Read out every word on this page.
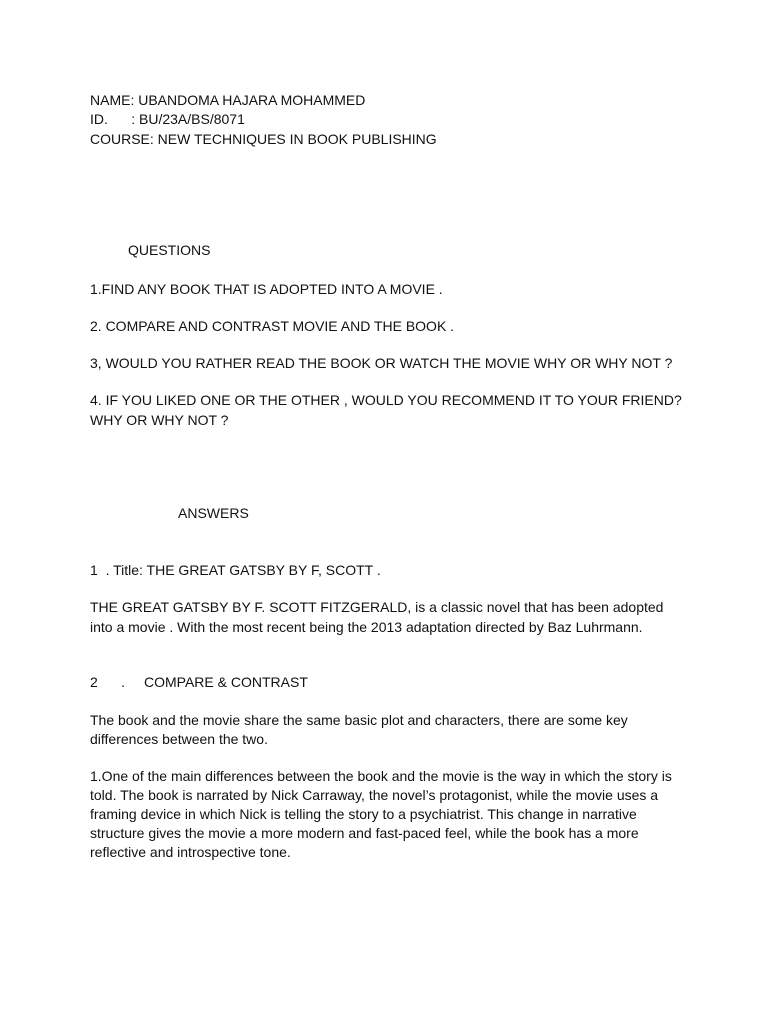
NAME: UBANDOMA HAJARA MOHAMMED

ID.      : BU/23A/BS/8071

COURSE: NEW TECHNIQUES IN BOOK PUBLISHING

QUESTIONS

1.FIND ANY BOOK THAT IS ADOPTED INTO A MOVIE .

2. COMPARE AND CONTRAST MOVIE AND THE BOOK .

3, WOULD YOU RATHER READ THE BOOK OR WATCH THE MOVIE WHY OR WHY NOT ?

4. IF YOU LIKED ONE OR THE OTHER , WOULD YOU RECOMMEND IT TO YOUR FRIEND?

WHY OR WHY NOT ?

ANSWERS

1  . Title: THE GREAT GATSBY BY F, SCOTT .

THE GREAT GATSBY BY F. SCOTT FITZGERALD, is a classic novel that has been adopted

into a movie . With the most recent being the 2013 adaptation directed by Baz Luhrmann.

2      .	COMPARE & CONTRAST

The book and the movie share the same basic plot and characters, there are some key

differences between the two.

1.One of the main differences between the book and the movie is the way in which the story is

told. The book is narrated by Nick Carraway, the novel’s protagonist, while the movie uses a

framing device in which Nick is telling the story to a psychiatrist. This change in narrative

structure gives the movie a more modern and fast-paced feel, while the book has a more

reflective and introspective tone.
